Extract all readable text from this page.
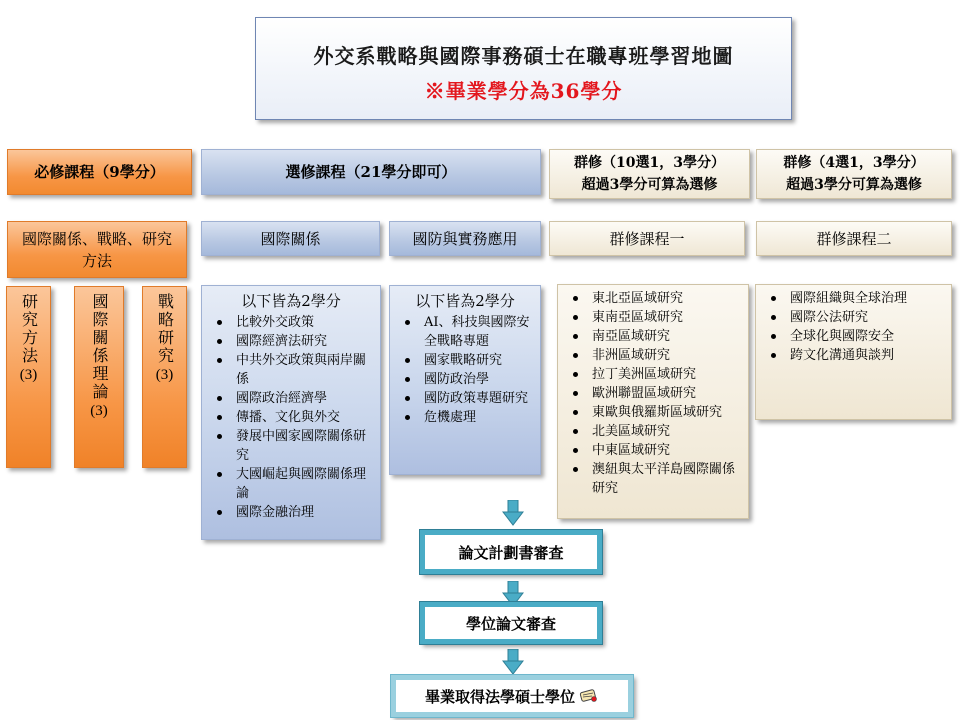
外交系戰略與國際事務碩士在職專班學習地圖
※畢業學分為36學分
必修課程（9學分）	選修課程（21學分即可）	群修（10選1，3學分）
超過3學分可算為選修
群修（4選1，3學分）
超過3學分可算為選修
國際關係、戰略、研究方法
國際關係	國防與實務應用	群修課程一	群修課程二
研究方法
(3)	國際關係理論
(3)
戰略研究
(3)
以下皆為2學分
比較外交政策
國際經濟法研究
中共外交政策與兩岸關係
國際政治經濟學
傳播、文化與外交
發展中國家國際關係研究
大國崛起與國際關係理論
國際金融治理
以下皆為2學分
AI、科技與國際安全戰略專題
國家戰略研究
國防政治學
國防政策專題研究
危機處理
東北亞區域研究
東南亞區域研究
南亞區域研究
非洲區域研究
拉丁美洲區域研究
歐洲聯盟區域研究
東歐與俄羅斯區域研究
北美區域研究
中東區域研究
澳紐與太平洋島國際關係研究
國際組織與全球治理
國際公法研究
全球化與國際安全
跨文化溝通與談判
論文計劃書審查
學位論文審查
畢業取得法學碩士學位
